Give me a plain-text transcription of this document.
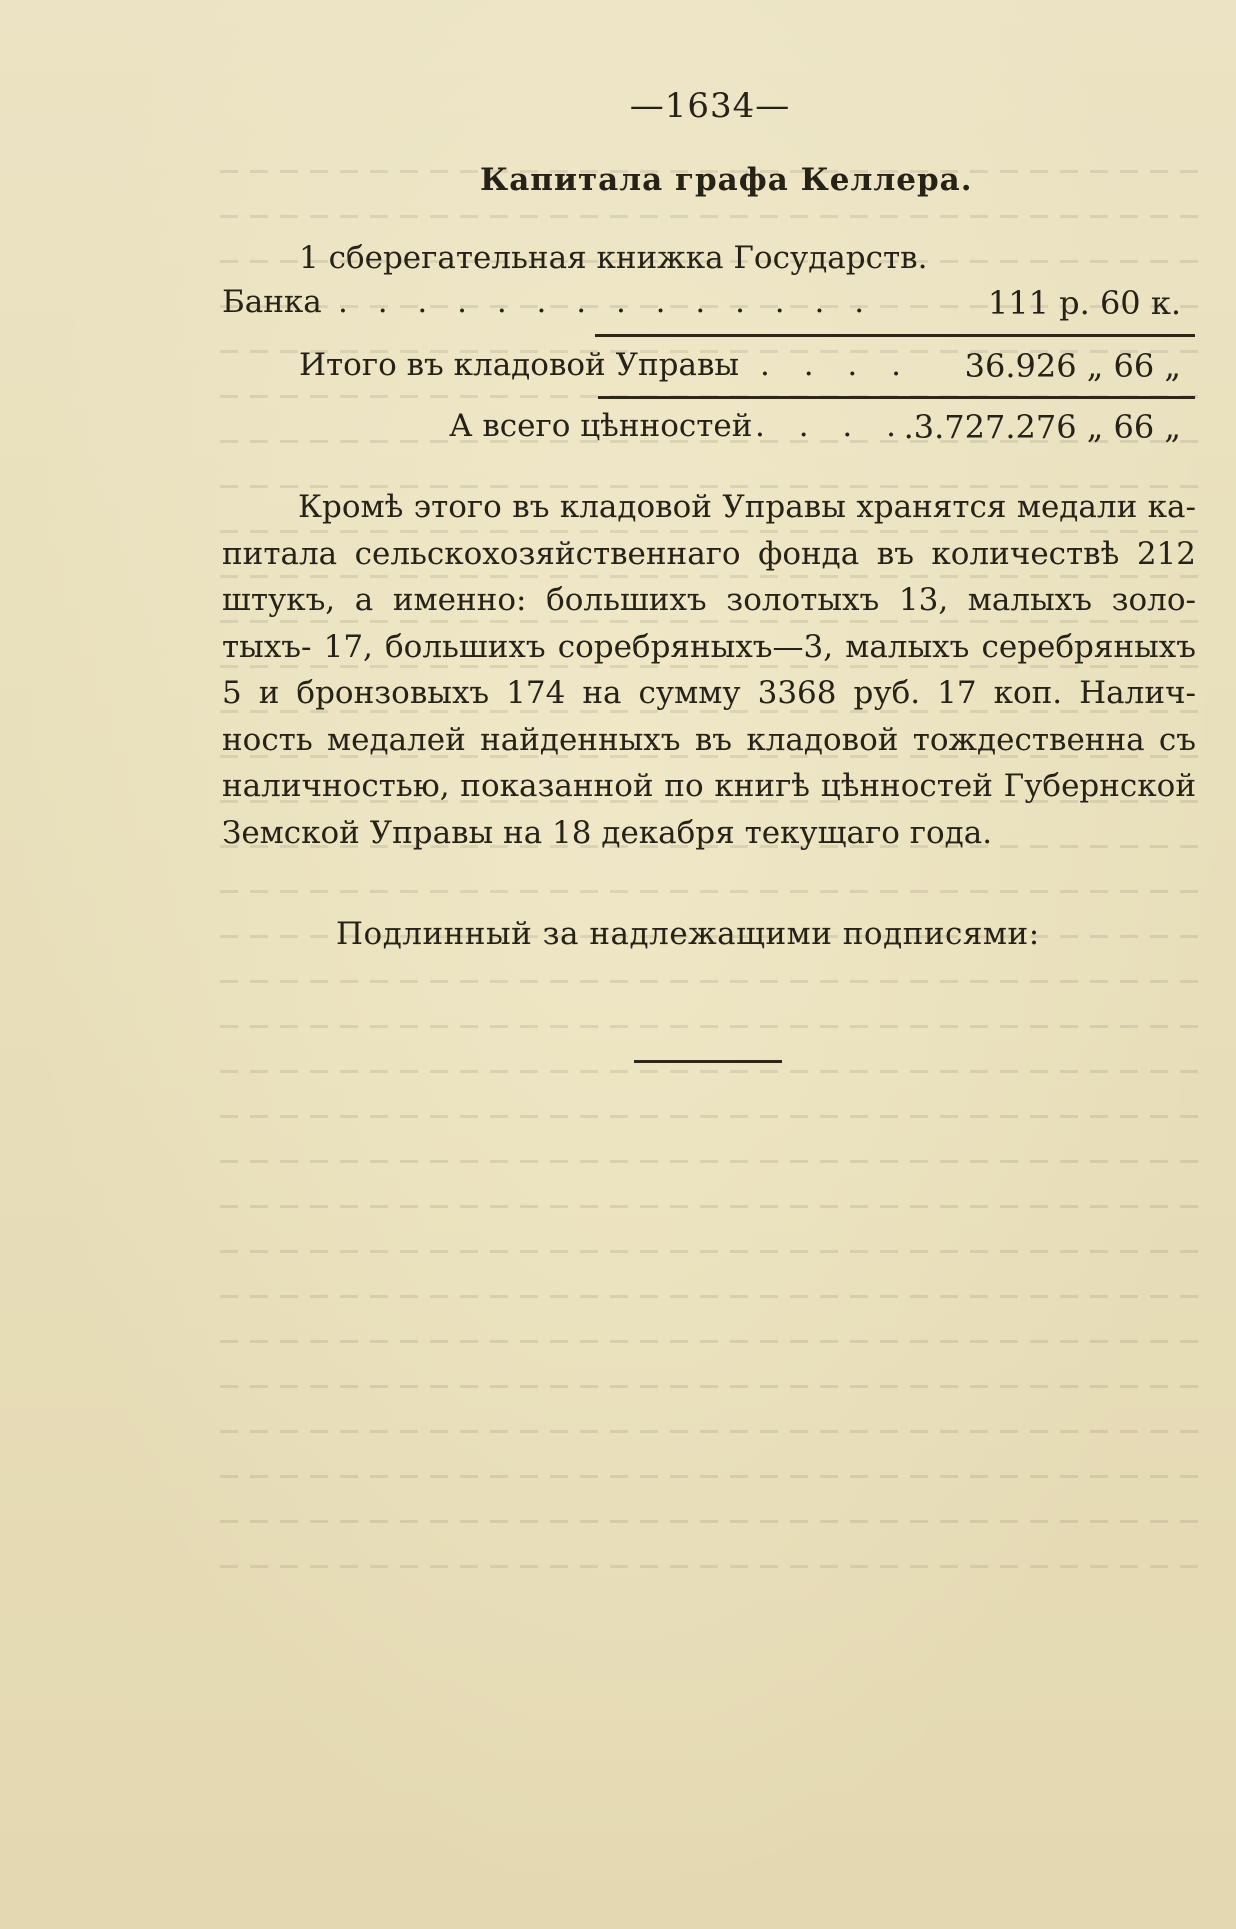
—1634—
Капитала графа Келлера.
1 сберегательная книжка Государств.
Банка . . . . . . . . . . . . . .	111 р. 60 к.
Итого въ кладовой Управы . . . . 36.926 „ 66 „
А всего цѣнностей . . . .
.3.727.276 „ 66 „
Кромѣ этого въ кладовой Управы хранятся медали ка-
питала сельскохозяйственнаго фонда въ количествѣ 212
штукъ, а именно: большихъ золотыхъ 13, малыхъ золо-
тыхъ- 17, большихъ соребряныхъ—3, малыхъ серебряныхъ
5 и бронзовыхъ 174 на сумму 3368 руб. 17 коп. Налич-
ность медалей найденныхъ въ кладовой тождественна съ
наличностью, показанной по книгѣ цѣнностей Губернской
Земской Управы на 18 декабря текущаго года.
Подлинный за надлежащими подписями:
